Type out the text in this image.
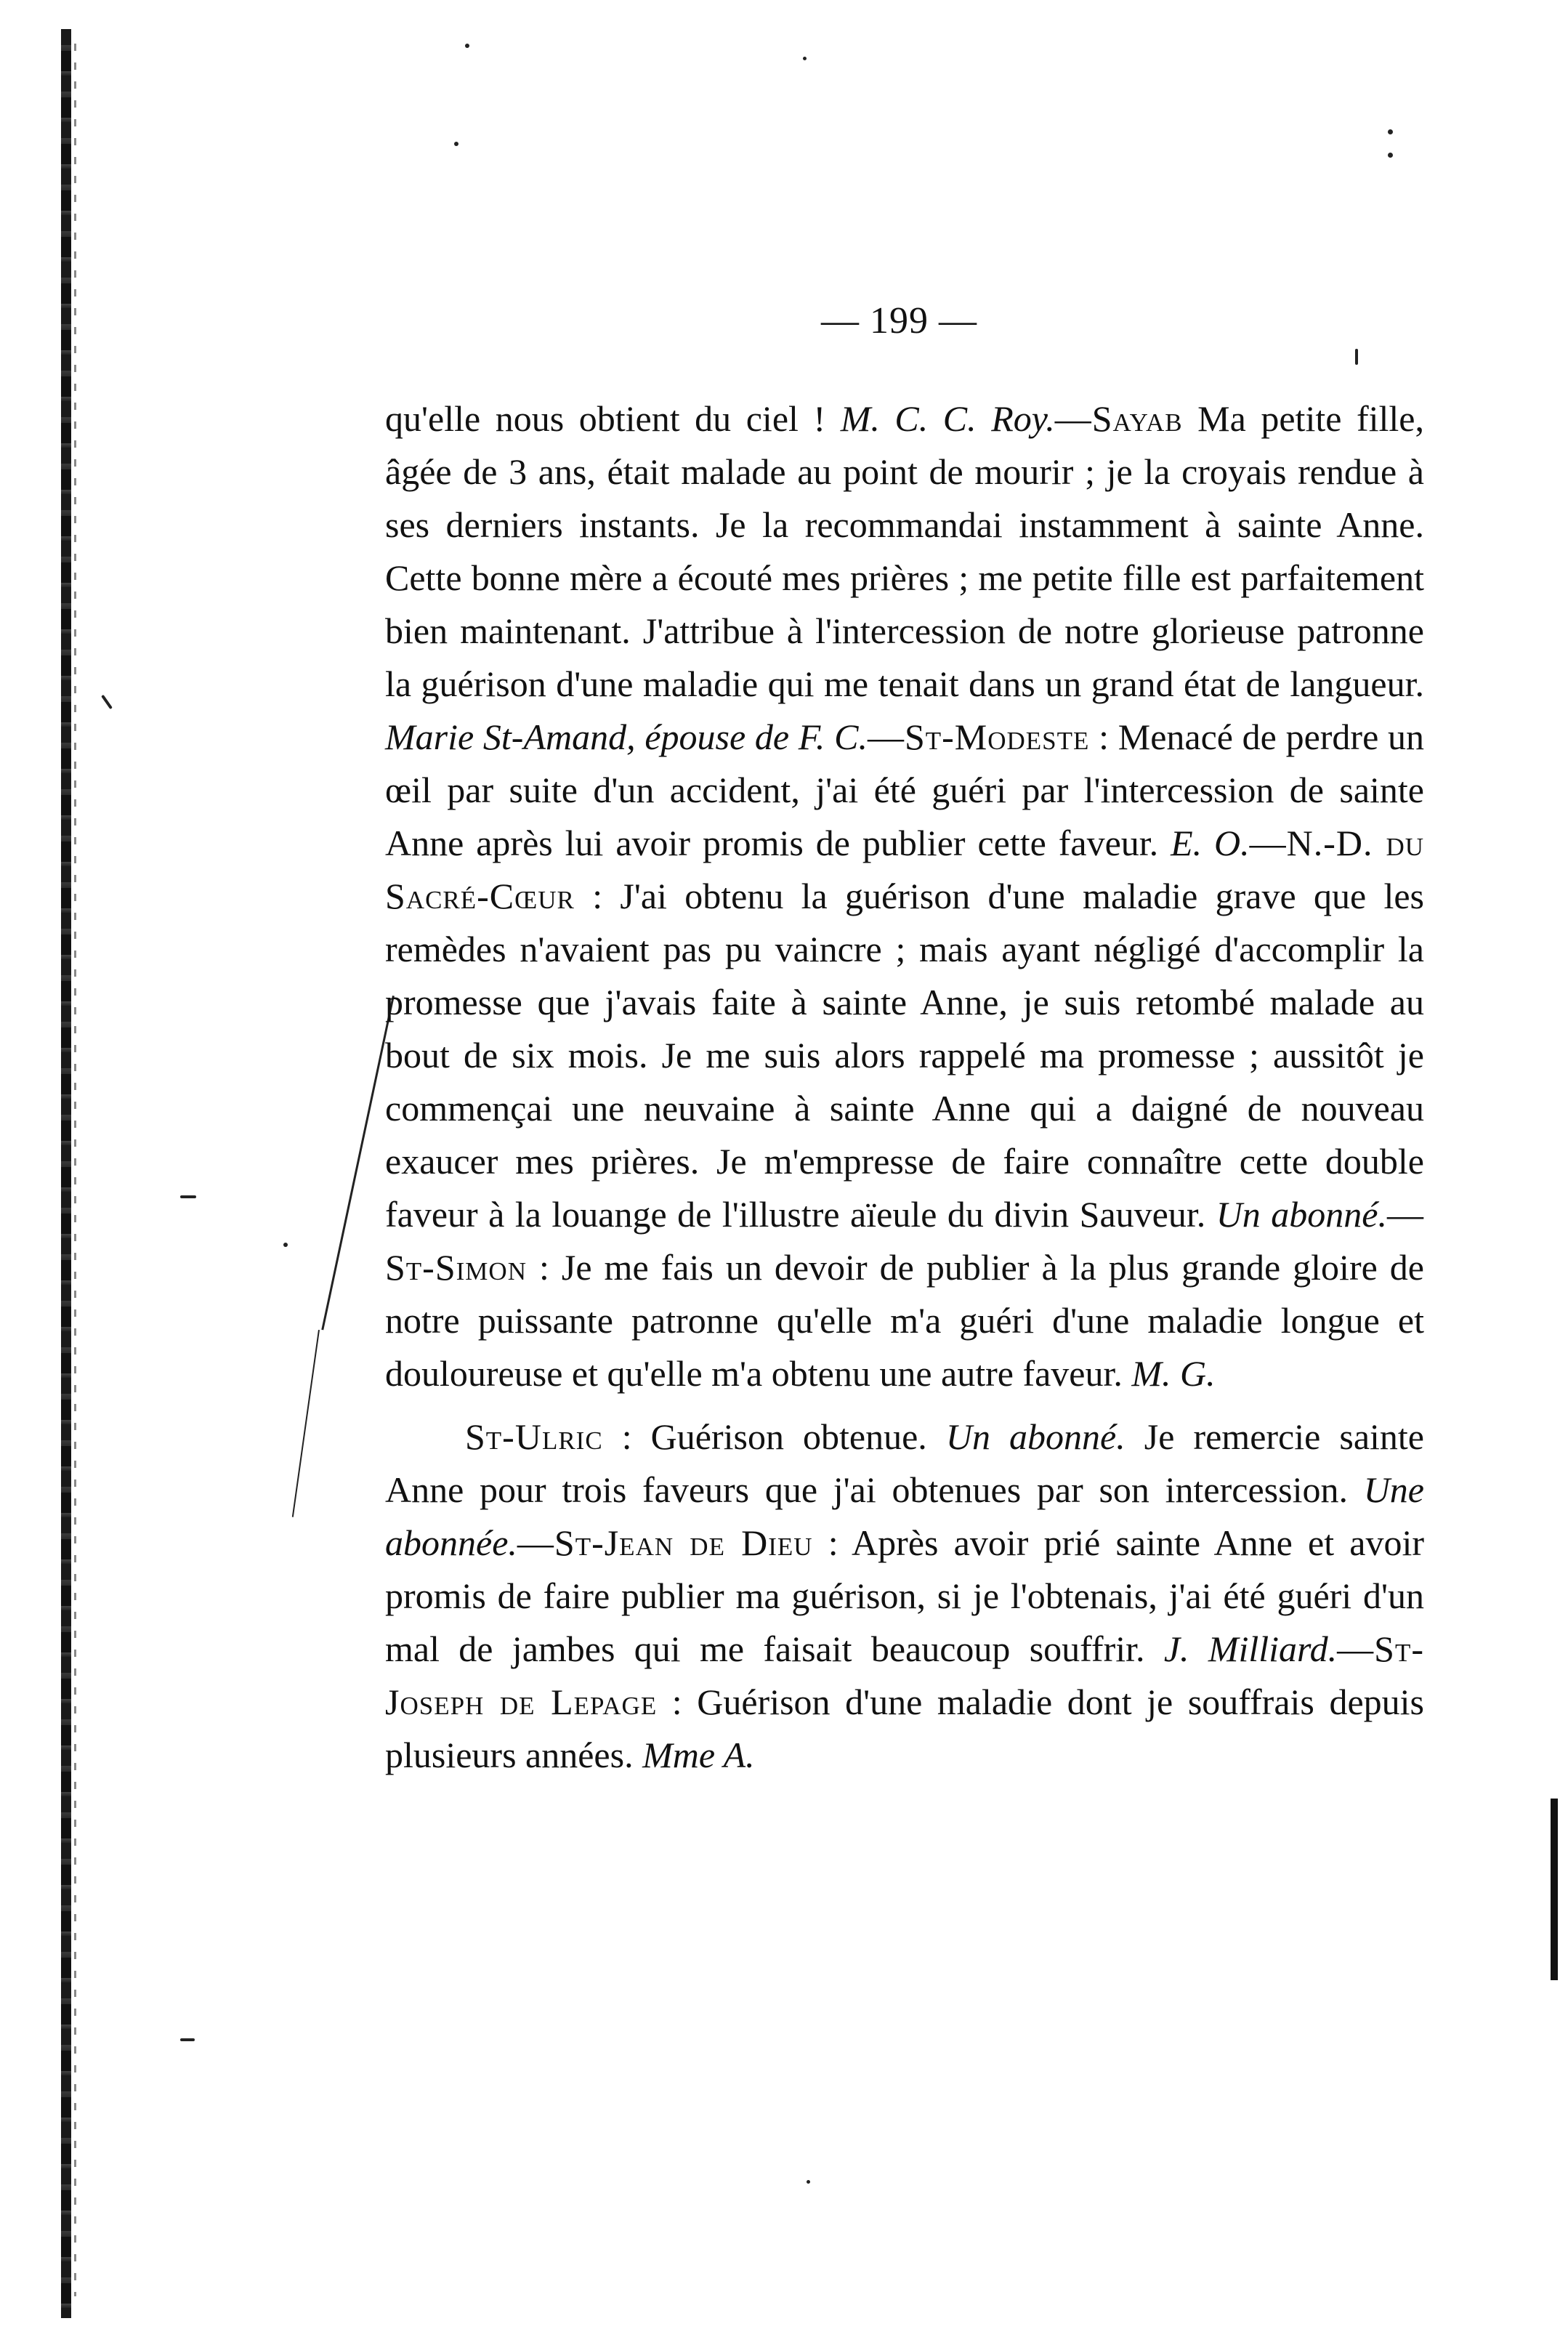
— 199 —

qu'elle nous obtient du ciel ! M. C. C. Roy.—Sayab Ma petite fille, âgée de 3 ans, était malade au point de mourir ; je la croyais rendue à ses derniers instants. Je la recommandai instamment à sainte Anne. Cette bonne mère a écouté mes prières ; me petite fille est parfaitement bien maintenant. J'attribue à l'intercession de notre glorieuse patronne la guérison d'une maladie qui me tenait dans un grand état de langueur. Marie St-Amand, épouse de F. C.—St-Modeste : Menacé de perdre un œil par suite d'un accident, j'ai été guéri par l'intercession de sainte Anne après lui avoir promis de publier cette faveur. E. O.—N.-D. du Sacré-Cœur : J'ai obtenu la guérison d'une maladie grave que les remèdes n'avaient pas pu vaincre ; mais ayant négligé d'accomplir la promesse que j'avais faite à sainte Anne, je suis retombé malade au bout de six mois. Je me suis alors rappelé ma promesse ; aussitôt je commençai une neuvaine à sainte Anne qui a daigné de nouveau exaucer mes prières. Je m'empresse de faire connaître cette double faveur à la louange de l'illustre aïeule du divin Sauveur. Un abonné.—St-Simon : Je me fais un devoir de publier à la plus grande gloire de notre puissante patronne qu'elle m'a guéri d'une maladie longue et douloureuse et qu'elle m'a obtenu une autre faveur. M. G.

St-Ulric : Guérison obtenue. Un abonné. Je remercie sainte Anne pour trois faveurs que j'ai obtenues par son intercession. Une abonnée.—St-Jean de Dieu : Après avoir prié sainte Anne et avoir promis de faire publier ma guérison, si je l'obtenais, j'ai été guéri d'un mal de jambes qui me faisait beaucoup souffrir. J. Milliard.—St-Joseph de Lepage : Guérison d'une maladie dont je souffrais depuis plusieurs années. Mme A.
